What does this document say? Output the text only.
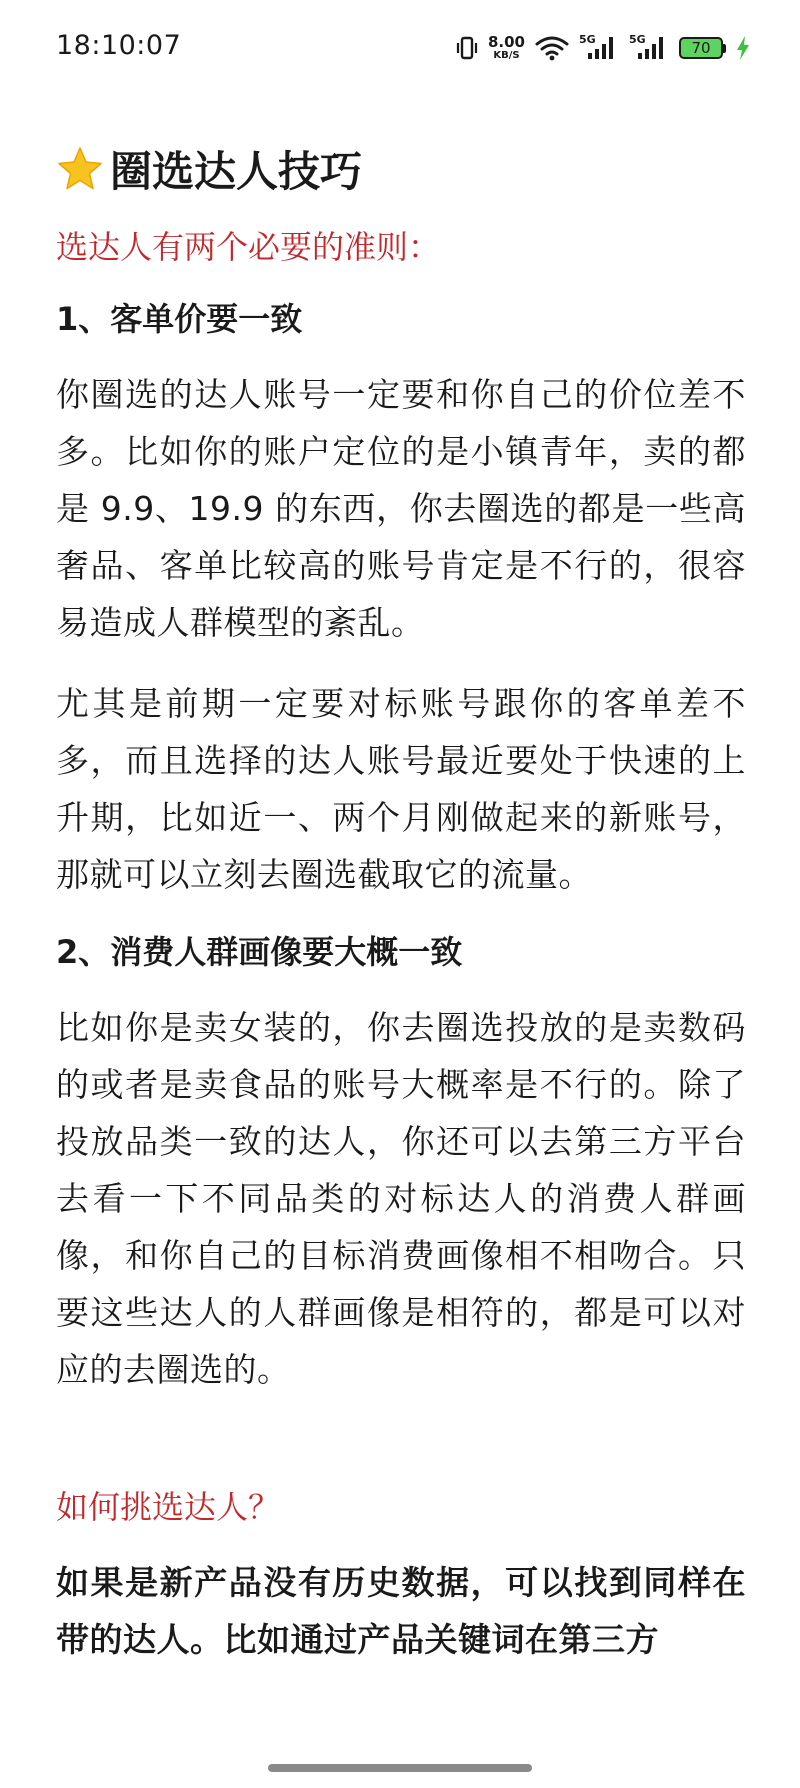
18:10:07	8.00
KB/S
5G	5G	70
圈选达人技巧
选达人有两个必要的准则：
1、客单价要一致

你圈选的达人账号一定要和你自己的价位差不多。比如你的账户定位的是小镇青年，卖的都是 9.9、19.9 的东西，你去圈选的都是一些高奢品、客单比较高的账号肯定是不行的，很容易造成人群模型的紊乱。

尤其是前期一定要对标账号跟你的客单差不多，而且选择的达人账号最近要处于快速的上升期，比如近一、两个月刚做起来的新账号，那就可以立刻去圈选截取它的流量。

2、消费人群画像要大概一致

比如你是卖女装的，你去圈选投放的是卖数码的或者是卖食品的账号大概率是不行的。除了投放品类一致的达人，你还可以去第三方平台去看一下不同品类的对标达人的消费人群画像，和你自己的目标消费画像相不相吻合。只要这些达人的人群画像是相符的，都是可以对应的去圈选的。

如何挑选达人？

如果是新产品没有历史数据，可以找到同样在带的达人。比如通过产品关键词在第三方
